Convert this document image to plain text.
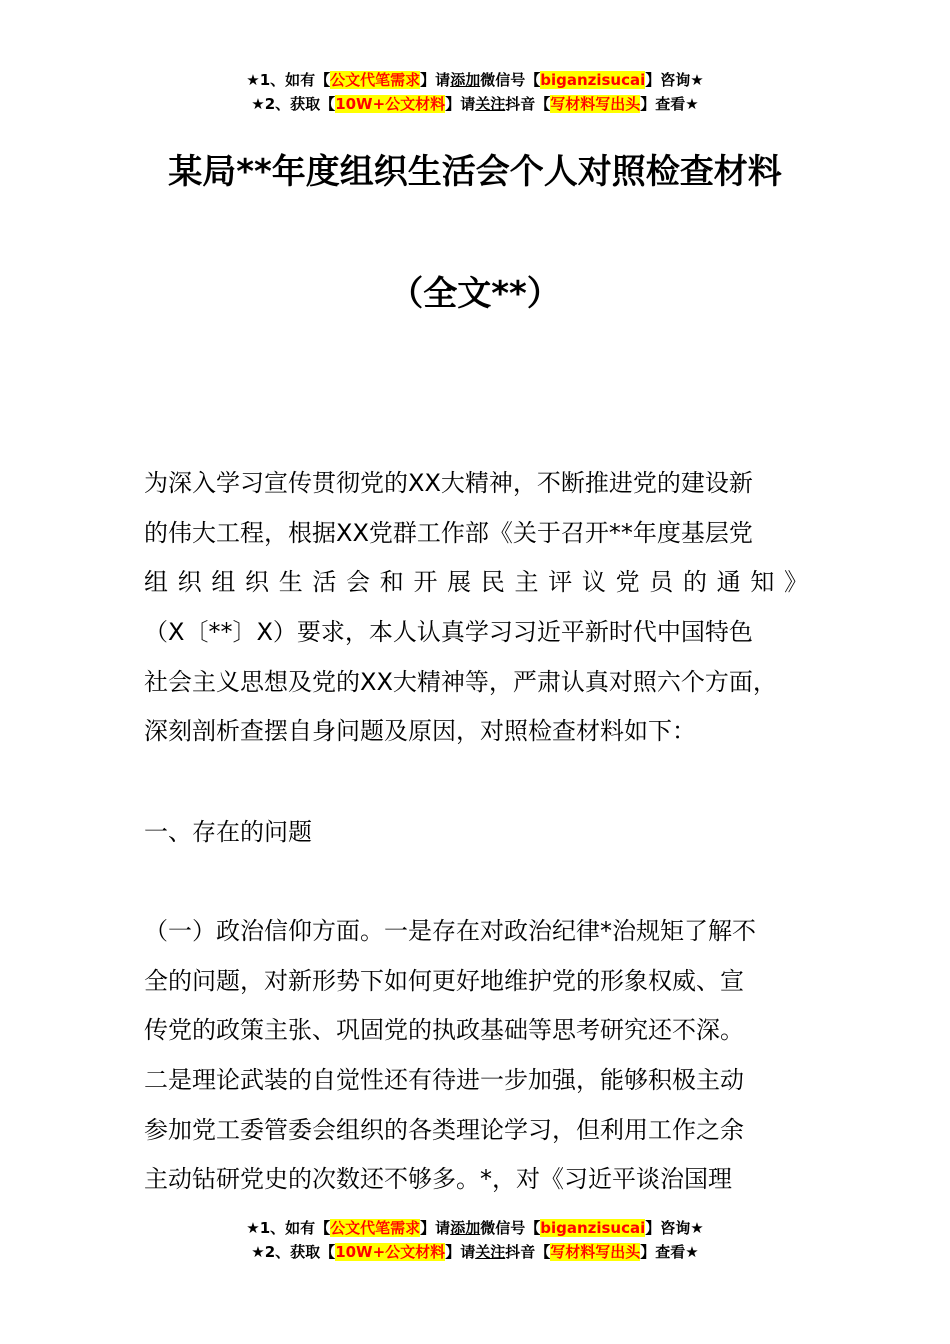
★1、如有【公文代笔需求】请添加微信号【biganzisucai】咨询★
★2、获取【10W+公文材料】请关注抖音【写材料写出头】查看★
某局**年度组织生活会个人对照检查材料
（全文**）
为深入学习宣传贯彻党的XX大精神，不断推进党的建设新
的伟大工程，根据XX党群工作部《关于召开**年度基层党
组织组织生活会和开展民主评议党员的通知》
（X〔**〕X）要求，本人认真学习习近平新时代中国特色
社会主义思想及党的XX大精神等，严肃认真对照六个方面，
深刻剖析查摆自身问题及原因，对照检查材料如下：
一、存在的问题
（一）政治信仰方面。一是存在对政治纪律*治规矩了解不
全的问题，对新形势下如何更好地维护党的形象权威、宣
传党的政策主张、巩固党的执政基础等思考研究还不深。
二是理论武装的自觉性还有待进一步加强，能够积极主动
参加党工委管委会组织的各类理论学习，但利用工作之余
主动钻研党史的次数还不够多。*，对《习近平谈治国理
★1、如有【公文代笔需求】请添加微信号【biganzisucai】咨询★
★2、获取【10W+公文材料】请关注抖音【写材料写出头】查看★
